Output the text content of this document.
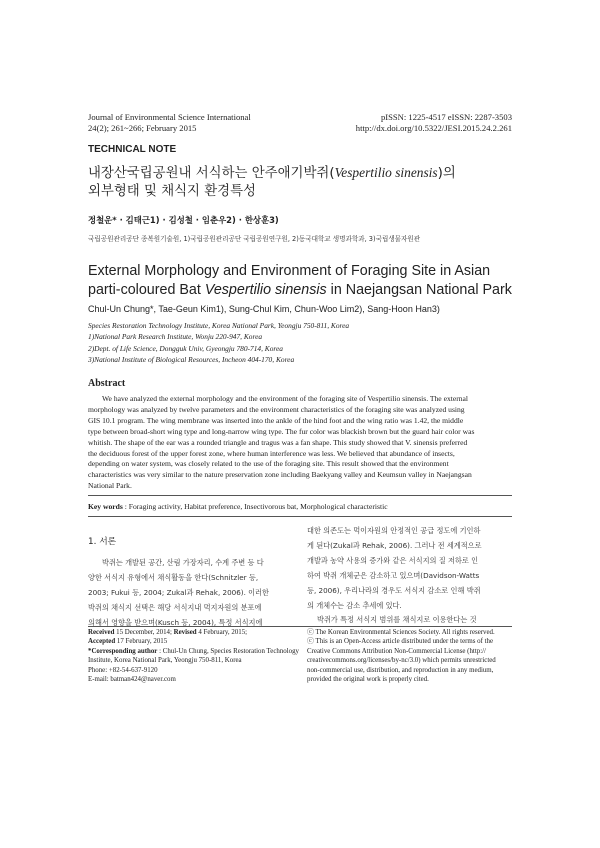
Journal of Environmental Science International
24(2); 261~266; February 2015
pISSN: 1225-4517 eISSN: 2287-3503
http://dx.doi.org/10.5322/JESI.2015.24.2.261
TECHNICAL NOTE
내장산국립공원내 서식하는 안주애기박쥐(Vespertilio sinensis)의
외부형태 및 채식지 환경특성
정철운* · 김태근1) · 김성철 · 임춘우2) · 한상훈3)
국립공원관리공단 종복원기술원, 1)국립공원관리공단 국립공원연구원, 2)동국대학교 생명과학과, 3)국립생물자원관
External Morphology and Environment of Foraging Site in Asian
parti-coloured Bat Vespertilio sinensis in Naejangsan National Park
Chul-Un Chung*, Tae-Geun Kim1), Sung-Chul Kim, Chun-Woo Lim2), Sang-Hoon Han3)
Species Restoration Technology Institute, Korea National Park, Yeongju 750-811, Korea
1)National Park Research Institute, Wonju 220-947, Korea
2)Dept. of Life Science, Dongguk Univ, Gyeongju 780-714, Korea
3)National Institute of Biological Resources, Incheon 404-170, Korea
Abstract
We have analyzed the external morphology and the environment of the foraging site of Vespertilio sinensis. The external
morphology was analyzed by twelve parameters and the environment characteristics of the foraging site was analyzed using
GIS 10.1 program. The wing membrane was inserted into the ankle of the hind foot and the wing ratio was 1.42, the middle
type between broad-short wing type and long-narrow wing type. The fur color was blackish brown but the guard hair color was
whitish. The shape of the ear was a rounded triangle and tragus was a fan shape. This study showed that V. sinensis preferred
the deciduous forest of the upper forest zone, where human interference was less. We believed that abundance of insects,
depending on water system, was closely related to the use of the foraging site. This result showed that the environment
characteristics was very similar to the nature preservation zone including Baekyang valley and Keumsun valley in Naejangsan
National Park.
Key words : Foraging activity, Habitat preference, Insectivorous bat, Morphological characteristic
1. 서론
박쥐는 개발된 공간, 산림 가장자리, 수계 주변 등 다
양한 서식지 유형에서 채식활동을 한다(Schnitzler 등,
2003; Fukui 등, 2004; Zukal과 Rehak, 2006). 이러한
박쥐의 채식지 선택은 해당 서식지내 먹지자원의 분포에
의해서 영향을 받으며(Kusch 등, 2004), 특정 서식지에
대한 의존도는 먹이자원의 안정적인 공급 정도에 기인하
게 된다(Zukal과 Rehak, 2006). 그러나 전 세계적으로
개발과 농약 사용의 증가와 같은 서식지의 질 저하로 인
하여 박쥐 개체군은 감소하고 있으며(Davidson-Watts
등, 2006), 우리나라의 경우도 서식지 감소로 인해 박쥐
의 개체수는 감소 추세에 있다.
박쥐가 특정 서식지 범위를 채식지로 이용한다는 것
Received 15 December, 2014; Revised 4 February, 2015;
Accepted 17 February, 2015
*Corresponding author : Chul-Un Chung, Species Restoration Technology
Institute, Korea National Park, Yeongju 750-811, Korea
Phone: +82-54-637-9120
E-mail: batman424@naver.com
ⓒ The Korean Environmental Sciences Society. All rights reserved.
ⓒ This is an Open-Access article distributed under the terms of the
Creative Commons Attribution Non-Commercial License (http://
creativecommons.org/licenses/by-nc/3.0) which permits unrestricted
non-commercial use, distribution, and reproduction in any medium,
provided the original work is properly cited.
